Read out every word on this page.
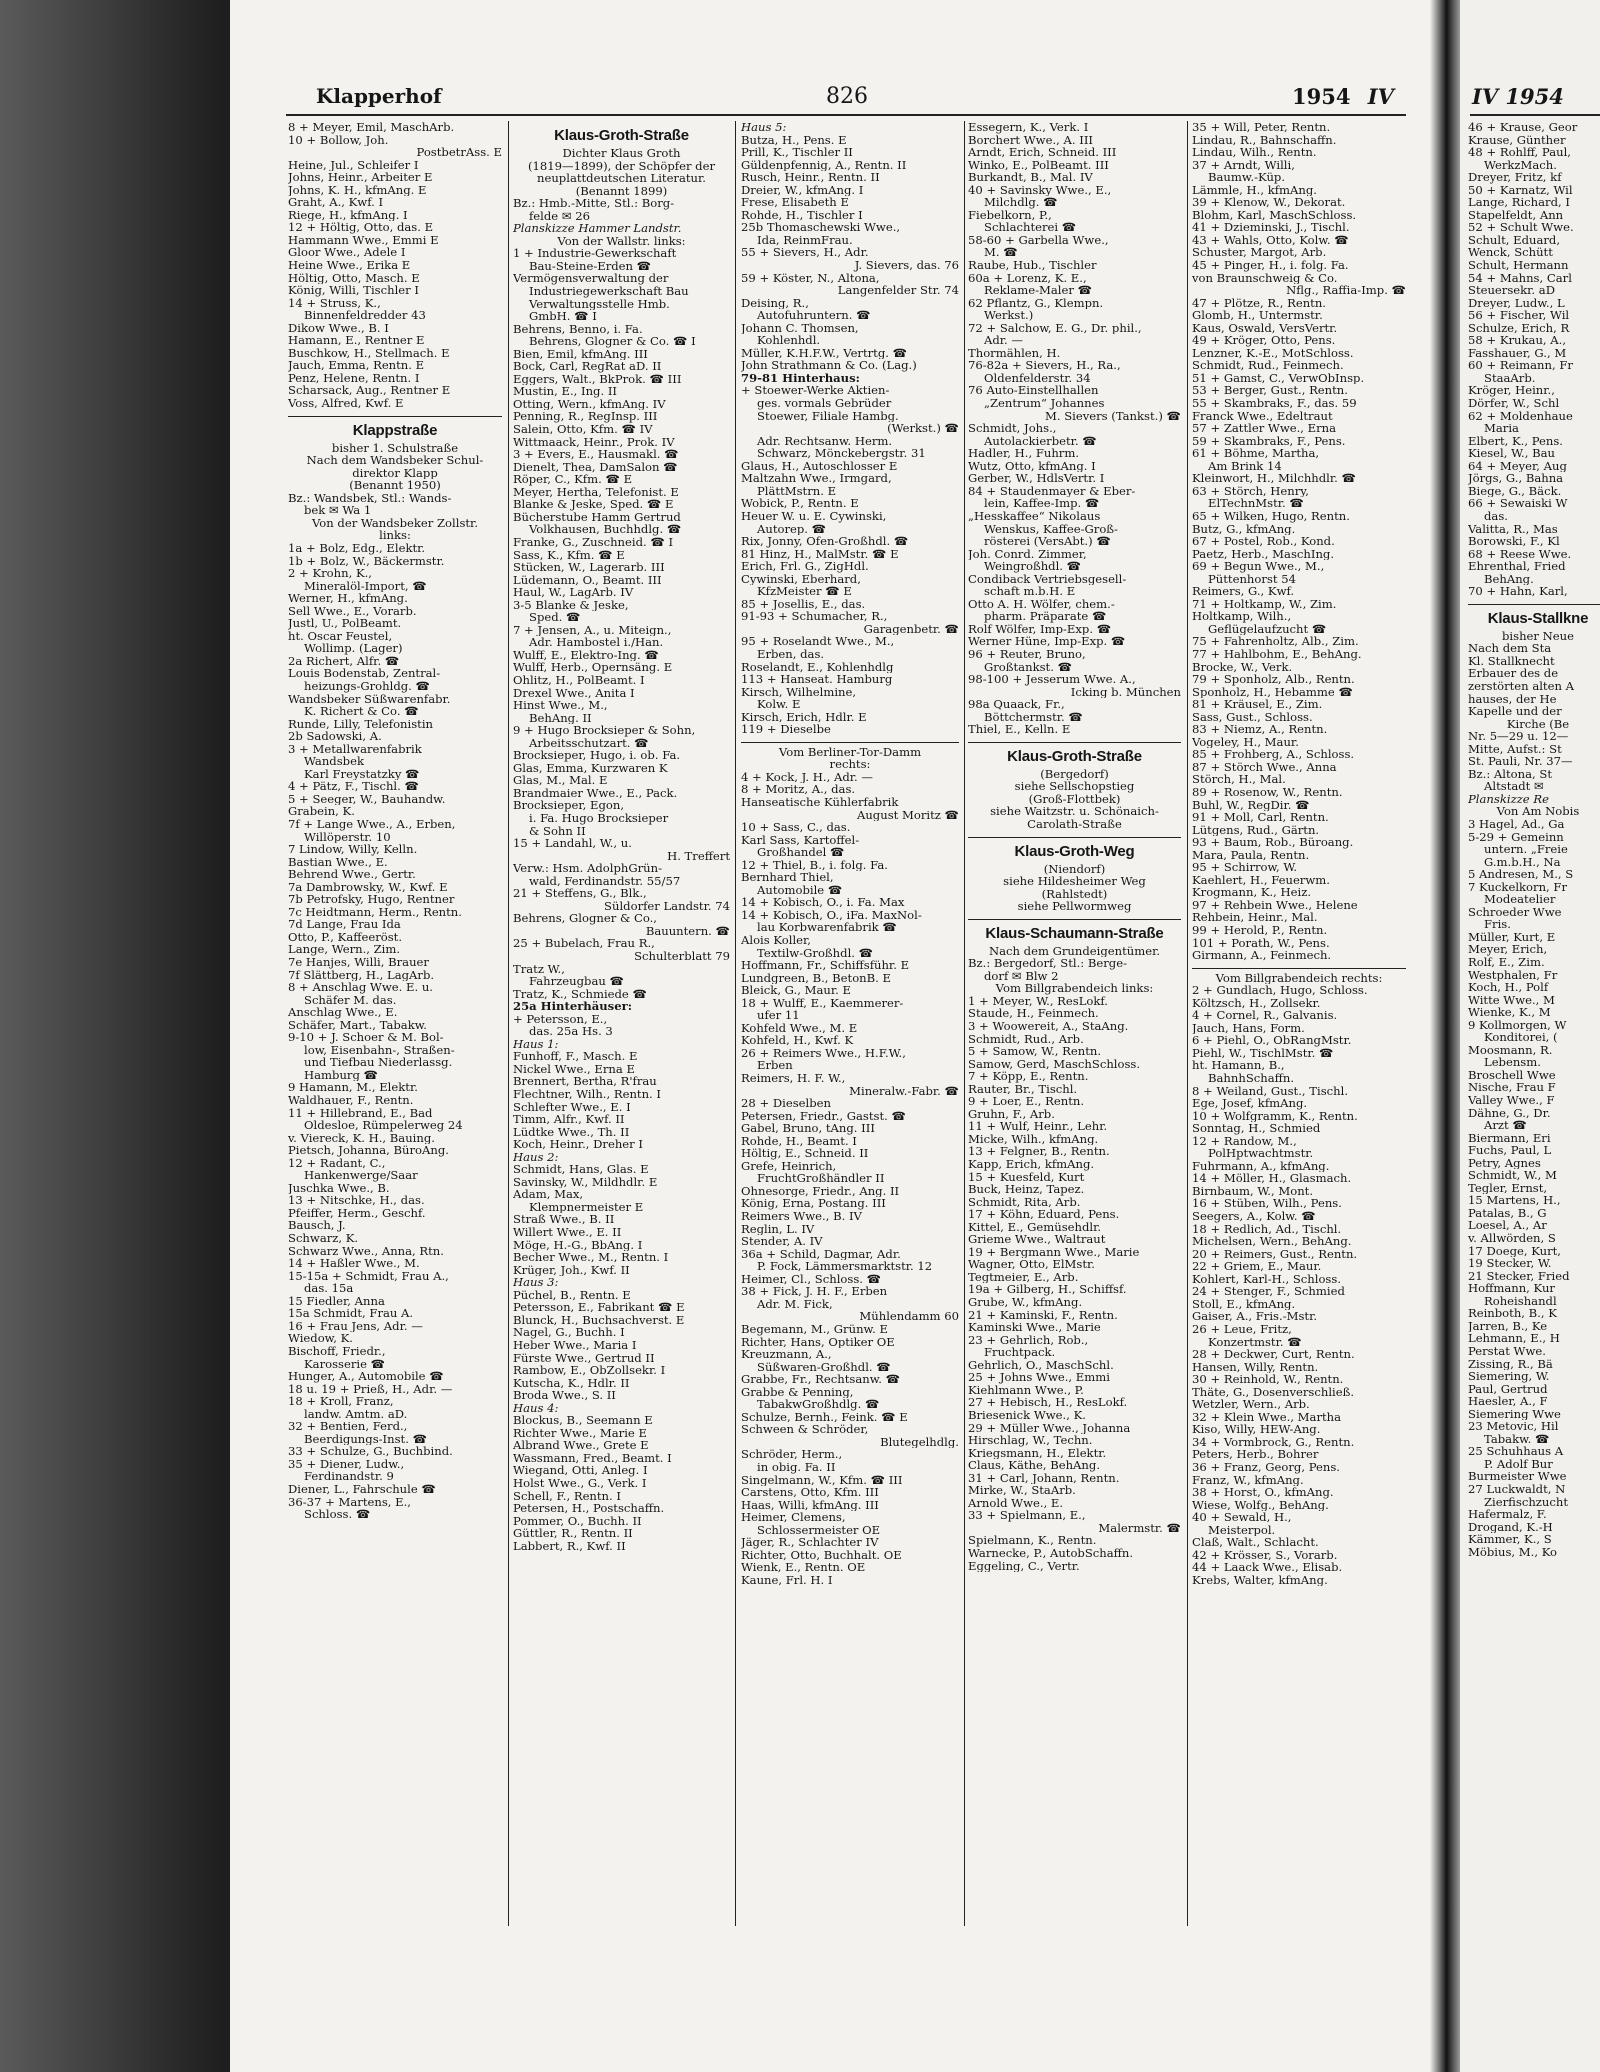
Klapperhof	826	1954 IV	IV 1954
8 + Meyer, Emil, MaschArb.
10 + Bollow, Joh.
PostbetrAss. E
Heine, Jul., Schleifer I
Johns, Heinr., Arbeiter E
Johns, K. H., kfmAng. E
Graht, A., Kwf. I
Riege, H., kfmAng. I
12 + Höltig, Otto, das. E
Hammann Wwe., Emmi E
Gloor Wwe., Adele I
Heine Wwe., Erika E
Höltig, Otto, Masch. E
König, Willi, Tischler I
14 + Struss, K.,
Binnenfeldredder 43
Dikow Wwe., B. I
Hamann, E., Rentner E
Buschkow, H., Stellmach. E
Jauch, Emma, Rentn. E
Penz, Helene, Rentn. I
Scharsack, Aug., Rentner E
Voss, Alfred, Kwf. E
Klappstraße
bisher 1. Schulstraße
Nach dem Wandsbeker Schul-
direktor Klapp
(Benannt 1950)
Bz.: Wandsbek, Stl.: Wands-
bek ✉ Wa 1
Von der Wandsbeker Zollstr.
links:
1a + Bolz, Edg., Elektr.
1b + Bolz, W., Bäckermstr.
2 + Krohn, K.,
Mineralöl-Import, ☎
Werner, H., kfmAng.
Sell Wwe., E., Vorarb.
Justl, U., PolBeamt.
ht. Oscar Feustel,
Wollimp. (Lager)
2a Richert, Alfr. ☎
Louis Bodenstab, Zentral-
heizungs-Grohldg. ☎
Wandsbeker Süßwarenfabr.
K. Richert & Co. ☎
Runde, Lilly, Telefonistin
2b Sadowski, A.
3 + Metallwarenfabrik
Wandsbek
Karl Freystatzky ☎
4 + Pätz, F., Tischl. ☎
5 + Seeger, W., Bauhandw.
Grabein, K.
7f + Lange Wwe., A., Erben,
Willöperstr. 10
7 Lindow, Willy, Kelln.
Bastian Wwe., E.
Behrend Wwe., Gertr.
7a Dambrowsky, W., Kwf. E
7b Petrofsky, Hugo, Rentner
7c Heidtmann, Herm., Rentn.
7d Lange, Frau Ida
Otto, P., Kaffeeröst.
Lange, Wern., Zim.
7e Hanjes, Willi, Brauer
7f Slättberg, H., LagArb.
8 + Anschlag Wwe. E. u.
Schäfer M. das.
Anschlag Wwe., E.
Schäfer, Mart., Tabakw.
9-10 + J. Schoer & M. Bol-
low, Eisenbahn-, Straßen-
und Tiefbau Niederlassg.
Hamburg ☎
9 Hamann, M., Elektr.
Waldhauer, F., Rentn.
11 + Hillebrand, E., Bad
Oldesloe, Rümpelerweg 24
v. Viereck, K. H., Bauing.
Pietsch, Johanna, BüroAng.
12 + Radant, C.,
Hankenwerge/Saar
Juschka Wwe., B.
13 + Nitschke, H., das.
Pfeiffer, Herm., Geschf.
Bausch, J.
Schwarz, K.
Schwarz Wwe., Anna, Rtn.
14 + Haßler Wwe., M.
15-15a + Schmidt, Frau A.,
das. 15a
15 Fiedler, Anna
15a Schmidt, Frau A.
16 + Frau Jens, Adr. —
Wiedow, K.
Bischoff, Friedr.,
Karosserie ☎
Hunger, A., Automobile ☎
18 u. 19 + Prieß, H., Adr. —
18 + Kroll, Franz,
landw. Amtm. aD.
32 + Bentien, Ferd.,
Beerdigungs-Inst. ☎
33 + Schulze, G., Buchbind.
35 + Diener, Ludw.,
Ferdinandstr. 9
Diener, L., Fahrschule ☎
36-37 + Martens, E.,
Schloss. ☎
Klaus-Groth-Straße
Dichter Klaus Groth
(1819—1899), der Schöpfer der
neuplattdeutschen Literatur.
(Benannt 1899)
Bz.: Hmb.-Mitte, Stl.: Borg-
felde ✉ 26
Planskizze Hammer Landstr.
Von der Wallstr. links:
1 + Industrie-Gewerkschaft
Bau-Steine-Erden ☎
Vermögensverwaltung der
Industriegewerkschaft Bau
Verwaltungsstelle Hmb.
GmbH. ☎ I
Behrens, Benno, i. Fa.
Behrens, Glogner & Co. ☎ I
Bien, Emil, kfmAng. III
Bock, Carl, RegRat aD. II
Eggers, Walt., BkProk. ☎ III
Mustin, E., Ing. II
Otting, Wern., kfmAng. IV
Penning, R., RegInsp. III
Salein, Otto, Kfm. ☎ IV
Wittmaack, Heinr., Prok. IV
3 + Evers, E., Hausmakl. ☎
Dienelt, Thea, DamSalon ☎
Röper, C., Kfm. ☎ E
Meyer, Hertha, Telefonist. E
Blanke & Jeske, Sped. ☎ E
Bücherstube Hamm Gertrud
Volkhausen, Buchhdlg. ☎
Franke, G., Zuschneid. ☎ I
Sass, K., Kfm. ☎ E
Stücken, W., Lagerarb. III
Lüdemann, O., Beamt. III
Haul, W., LagArb. IV
3-5 Blanke & Jeske,
Sped. ☎
7 + Jensen, A., u. Miteign.,
Adr. Hambostel i./Han.
Wulff, E., Elektro-Ing. ☎
Wulff, Herb., Opernsäng. E
Ohlitz, H., PolBeamt. I
Drexel Wwe., Anita I
Hinst Wwe., M.,
BehAng. II
9 + Hugo Brocksieper & Sohn,
Arbeitsschutzart. ☎
Brocksieper, Hugo, i. ob. Fa.
Glas, Emma, Kurzwaren K
Glas, M., Mal. E
Brandmaier Wwe., E., Pack.
Brocksieper, Egon,
i. Fa. Hugo Brocksieper
& Sohn II
15 + Landahl, W., u.
H. Treffert
Verw.: Hsm. AdolphGrün-
wald, Ferdinandstr. 55/57
21 + Steffens, G., Blk.,
Süldorfer Landstr. 74
Behrens, Glogner & Co.,
Bauuntern. ☎
25 + Bubelach, Frau R.,
Schulterblatt 79
Tratz W.,
Fahrzeugbau ☎
Tratz, K., Schmiede ☎
25a Hinterhäuser:
+ Petersson, E.,
das. 25a Hs. 3
Haus 1:
Funhoff, F., Masch. E
Nickel Wwe., Erna E
Brennert, Bertha, R'frau
Flechtner, Wilh., Rentn. I
Schlefter Wwe., E. I
Timm, Alfr., Kwf. II
Lüdtke Wwe., Th. II
Koch, Heinr., Dreher I
Haus 2:
Schmidt, Hans, Glas. E
Savinsky, W., Mildhdlr. E
Adam, Max,
Klempnermeister E
Straß Wwe., B. II
Willert Wwe., E. II
Möge, H.-G., BbAng. I
Becher Wwe., M., Rentn. I
Krüger, Joh., Kwf. II
Haus 3:
Püchel, B., Rentn. E
Petersson, E., Fabrikant ☎ E
Blunck, H., Buchsachverst. E
Nagel, G., Buchh. I
Heber Wwe., Maria I
Fürste Wwe., Gertrud II
Rambow, E., ObZollsekr. I
Kutscha, K., Hdlr. II
Broda Wwe., S. II
Haus 4:
Blockus, B., Seemann E
Richter Wwe., Marie E
Albrand Wwe., Grete E
Wassmann, Fred., Beamt. I
Wiegand, Otti, Anleg. I
Holst Wwe., G., Verk. I
Schell, F., Rentn. I
Petersen, H., Postschaffn.
Pommer, O., Buchh. II
Güttler, R., Rentn. II
Labbert, R., Kwf. II
Haus 5:
Butza, H., Pens. E
Prill, K., Tischler II
Güldenpfennig, A., Rentn. II
Rusch, Heinr., Rentn. II
Dreier, W., kfmAng. I
Frese, Elisabeth E
Rohde, H., Tischler I
25b Thomaschewski Wwe.,
Ida, ReinmFrau.
55 + Sievers, H., Adr.
J. Sievers, das. 76
59 + Köster, N., Altona,
Langenfelder Str. 74
Deising, R.,
Autofuhruntern. ☎
Johann C. Thomsen,
Kohlenhdl.
Müller, K.H.F.W., Vertrtg. ☎
John Strathmann & Co. (Lag.)
79-81 Hinterhaus:
+ Stoewer-Werke Aktien-
ges. vormals Gebrüder
Stoewer, Filiale Hambg.
(Werkst.) ☎
Adr. Rechtsanw. Herm.
Schwarz, Mönckebergstr. 31
Glaus, H., Autoschlosser E
Maltzahn Wwe., Irmgard,
PlättMstrn. E
Wobick, P., Rentn. E
Heuer W. u. E. Cywinski,
Autorep. ☎
Rix, Jonny, Ofen-Großhdl. ☎
81 Hinz, H., MalMstr. ☎ E
Erich, Frl. G., ZigHdl.
Cywinski, Eberhard,
KfzMeister ☎ E
85 + Josellis, E., das.
91-93 + Schumacher, R.,
Garagenbetr. ☎
95 + Roselandt Wwe., M.,
Erben, das.
Roselandt, E., Kohlenhdlg
113 + Hanseat. Hamburg
Kirsch, Wilhelmine,
Kolw. E
Kirsch, Erich, Hdlr. E
119 + Dieselbe
Vom Berliner-Tor-Damm
rechts:
4 + Kock, J. H., Adr. —
8 + Moritz, A., das.
Hanseatische Kühlerfabrik
August Moritz ☎
10 + Sass, C., das.
Karl Sass, Kartoffel-
Großhandel ☎
12 + Thiel, B., i. folg. Fa.
Bernhard Thiel,
Automobile ☎
14 + Kobisch, O., i. Fa. Max
14 + Kobisch, O., iFa. MaxNol-
lau Korbwarenfabrik ☎
Alois Koller,
Textilw-Großhdl. ☎
Hoffmann, Fr., Schiffsführ. E
Lundgreen, B., BetonB. E
Bleick, G., Maur. E
18 + Wulff, E., Kaemmerer-
ufer 11
Kohfeld Wwe., M. E
Kohfeld, H., Kwf. K
26 + Reimers Wwe., H.F.W.,
Erben
Reimers, H. F. W.,
Mineralw.-Fabr. ☎
28 + Dieselben
Petersen, Friedr., Gastst. ☎
Gabel, Bruno, tAng. III
Rohde, H., Beamt. I
Höltig, E., Schneid. II
Grefe, Heinrich,
FruchtGroßhändler II
Ohnesorge, Friedr., Ang. II
König, Erna, Postang. III
Reimers Wwe., B. IV
Reglin, L. IV
Stender, A. IV
36a + Schild, Dagmar, Adr.
P. Fock, Lämmersmarktstr. 12
Heimer, Cl., Schloss. ☎
38 + Fick, J. H. F., Erben
Adr. M. Fick,
Mühlendamm 60
Begemann, M., Grünw. E
Richter, Hans, Optiker OE
Kreuzmann, A.,
Süßwaren-Großhdl. ☎
Grabbe, Fr., Rechtsanw. ☎
Grabbe & Penning,
TabakwGroßhdlg. ☎
Schulze, Bernh., Feink. ☎ E
Schween & Schröder,
Blutegelhdlg.
Schröder, Herm.,
in obig. Fa. II
Singelmann, W., Kfm. ☎ III
Carstens, Otto, Kfm. III
Haas, Willi, kfmAng. III
Heimer, Clemens,
Schlossermeister OE
Jäger, R., Schlachter IV
Richter, Otto, Buchhalt. OE
Wienk, E., Rentn. OE
Kaune, Frl. H. I
Essegern, K., Verk. I
Borchert Wwe., A. III
Arndt, Erich, Schneid. III
Winko, E., PolBeamt. III
Burkandt, B., Mal. IV
40 + Savinsky Wwe., E.,
Milchdlg. ☎
Fiebelkorn, P.,
Schlachterei ☎
58-60 + Garbella Wwe.,
M. ☎
Raube, Hub., Tischler
60a + Lorenz, K. E.,
Reklame-Maler ☎
62 Pflantz, G., Klempn.
Werkst.)
72 + Salchow, E. G., Dr. phil.,
Adr. —
Thormählen, H.
76-82a + Sievers, H., Ra.,
Oldenfelderstr. 34
76 Auto-Einstellhallen
„Zentrum“ Johannes
M. Sievers (Tankst.) ☎
Schmidt, Johs.,
Autolackierbetr. ☎
Hadler, H., Fuhrm.
Wutz, Otto, kfmAng. I
Gerber, W., HdlsVertr. I
84 + Staudenmayer & Eber-
lein, Kaffee-Imp. ☎
„Hesskaffee“ Nikolaus
Wenskus, Kaffee-Groß-
rösterei (VersAbt.) ☎
Joh. Conrd. Zimmer,
Weingroßhdl. ☎
Condiback Vertriebsgesell-
schaft m.b.H. E
Otto A. H. Wölfer, chem.-
pharm. Präparate ☎
Rolf Wölfer, Imp-Exp. ☎
Werner Hüne, Imp-Exp. ☎
96 + Reuter, Bruno,
Großtankst. ☎
98-100 + Jesserum Wwe. A.,
Icking b. München
98a Quaack, Fr.,
Böttchermstr. ☎
Thiel, E., Kelln. E
Klaus-Groth-Straße
(Bergedorf)
siehe Sellschopstieg
(Groß-Flottbek)
siehe Waitzstr. u. Schönaich-
Carolath-Straße
Klaus-Groth-Weg
(Niendorf)
siehe Hildesheimer Weg
(Rahlstedt)
siehe Pellwormweg
Klaus-Schaumann-Straße
Nach dem Grundeigentümer.
Bz.: Bergedorf, Stl.: Berge-
dorf ✉ Blw 2
Vom Billgrabendeich links:
1 + Meyer, W., ResLokf.
Staude, H., Feinmech.
3 + Woowereit, A., StaAng.
Schmidt, Rud., Arb.
5 + Samow, W., Rentn.
Samow, Gerd, MaschSchloss.
7 + Köpp, E., Rentn.
Rauter, Br., Tischl.
9 + Loer, E., Rentn.
Gruhn, F., Arb.
11 + Wulf, Heinr., Lehr.
Micke, Wilh., kfmAng.
13 + Felgner, B., Rentn.
Kapp, Erich, kfmAng.
15 + Kuesfeld, Kurt
Buck, Heinz, Tapez.
Schmidt, Rita, Arb.
17 + Köhn, Eduard, Pens.
Kittel, E., Gemüsehdlr.
Grieme Wwe., Waltraut
19 + Bergmann Wwe., Marie
Wagner, Otto, ElMstr.
Tegtmeier, E., Arb.
19a + Gilberg, H., Schiffsf.
Grube, W., kfmAng.
21 + Kaminski, F., Rentn.
Kaminski Wwe., Marie
23 + Gehrlich, Rob.,
Fruchtpack.
Gehrlich, O., MaschSchl.
25 + Johns Wwe., Emmi
Kiehlmann Wwe., P.
27 + Hebisch, H., ResLokf.
Briesenick Wwe., K.
29 + Müller Wwe., Johanna
Hirschlag, W., Techn.
Kriegsmann, H., Elektr.
Claus, Käthe, BehAng.
31 + Carl, Johann, Rentn.
Mirke, W., StaArb.
Arnold Wwe., E.
33 + Spielmann, E.,
Malermstr. ☎
Spielmann, K., Rentn.
Warnecke, P., AutobSchaffn.
Eggeling, C., Vertr.
35 + Will, Peter, Rentn.
Lindau, R., Bahnschaffn.
Lindau, Wilh., Rentn.
37 + Arndt, Willi,
Baumw.-Küp.
Lämmle, H., kfmAng.
39 + Klenow, W., Dekorat.
Blohm, Karl, MaschSchloss.
41 + Dzieminski, J., Tischl.
43 + Wahls, Otto, Kolw. ☎
Schuster, Margot, Arb.
45 + Pinger, H., i. folg. Fa.
von Braunschweig & Co.
Nflg., Raffia-Imp. ☎
47 + Plötze, R., Rentn.
Glomb, H., Untermstr.
Kaus, Oswald, VersVertr.
49 + Kröger, Otto, Pens.
Lenzner, K.-E., MotSchloss.
Schmidt, Rud., Feinmech.
51 + Gamst, C., VerwObInsp.
53 + Berger, Gust., Rentn.
55 + Skambraks, F., das. 59
Franck Wwe., Edeltraut
57 + Zattler Wwe., Erna
59 + Skambraks, F., Pens.
61 + Böhme, Martha,
Am Brink 14
Kleinwort, H., Milchhdlr. ☎
63 + Störch, Henry,
ElTechnMstr. ☎
65 + Wilken, Hugo, Rentn.
Butz, G., kfmAng.
67 + Postel, Rob., Kond.
Paetz, Herb., MaschIng.
69 + Begun Wwe., M.,
Püttenhorst 54
Reimers, G., Kwf.
71 + Holtkamp, W., Zim.
Holtkamp, Wilh.,
Geflügelaufzucht ☎
75 + Fahrenholtz, Alb., Zim.
77 + Hahlbohm, E., BehAng.
Brocke, W., Verk.
79 + Sponholz, Alb., Rentn.
Sponholz, H., Hebamme ☎
81 + Kräusel, E., Zim.
Sass, Gust., Schloss.
83 + Niemz, A., Rentn.
Vogeley, H., Maur.
85 + Frohberg, A., Schloss.
87 + Störch Wwe., Anna
Störch, H., Mal.
89 + Rosenow, W., Rentn.
Buhl, W., RegDir. ☎
91 + Moll, Carl, Rentn.
Lütgens, Rud., Gärtn.
93 + Baum, Rob., Büroang.
Mara, Paula, Rentn.
95 + Schirrow, W.
Kaehlert, H., Feuerwm.
Krogmann, K., Heiz.
97 + Rehbein Wwe., Helene
Rehbein, Heinr., Mal.
99 + Herold, P., Rentn.
101 + Porath, W., Pens.
Girmann, A., Feinmech.
Vom Billgrabendeich rechts:
2 + Gundlach, Hugo, Schloss.
Költzsch, H., Zollsekr.
4 + Cornel, R., Galvanis.
Jauch, Hans, Form.
6 + Piehl, O., ObRangMstr.
Piehl, W., TischlMstr. ☎
ht. Hamann, B.,
BahnhSchaffn.
8 + Weiland, Gust., Tischl.
Ege, Josef, kfmAng.
10 + Wolfgramm, K., Rentn.
Sonntag, H., Schmied
12 + Randow, M.,
PolHptwachtmstr.
Fuhrmann, A., kfmAng.
14 + Möller, H., Glasmach.
Birnbaum, W., Mont.
16 + Stüben, Wilh., Pens.
Seegers, A., Kolw. ☎
18 + Redlich, Ad., Tischl.
Michelsen, Wern., BehAng.
20 + Reimers, Gust., Rentn.
22 + Griem, E., Maur.
Kohlert, Karl-H., Schloss.
24 + Stenger, F., Schmied
Stoll, E., kfmAng.
Gaiser, A., Fris.-Mstr.
26 + Leue, Fritz,
Konzertmstr. ☎
28 + Deckwer, Curt, Rentn.
Hansen, Willy, Rentn.
30 + Reinhold, W., Rentn.
Thäte, G., Dosenverschließ.
Wetzler, Wern., Arb.
32 + Klein Wwe., Martha
Kiso, Willy, HEW-Ang.
34 + Vormbrock, G., Rentn.
Peters, Herb., Bohrer
36 + Franz, Georg, Pens.
Franz, W., kfmAng.
38 + Horst, O., kfmAng.
Wiese, Wolfg., BehAng.
40 + Sewald, H.,
Meisterpol.
Claß, Walt., Schlacht.
42 + Krösser, S., Vorarb.
44 + Laack Wwe., Elisab.
Krebs, Walter, kfmAng.
46 + Krause, Geor
Krause, Günther
48 + Rohlff, Paul,
WerkzMach.
Dreyer, Fritz, kf
50 + Karnatz, Wil
Lange, Richard, I
Stapelfeldt, Ann
52 + Schult Wwe.
Schult, Eduard,
Wenck, Schütt
Schult, Hermann
54 + Mahns, Carl
Steuersekr. aD
Dreyer, Ludw., L
56 + Fischer, Wil
Schulze, Erich, R
58 + Krukau, A.,
Fasshauer, G., M
60 + Reimann, Fr
StaaArb.
Kröger, Heinr.,
Dörfer, W., Schl
62 + Moldenhaue
Maria
Elbert, K., Pens.
Kiesel, W., Bau
64 + Meyer, Aug
Jörgs, G., Bahna
Biege, G., Bäck.
66 + Sewaiski W
das.
Valitta, R., Mas
Borowski, F., Kl
68 + Reese Wwe.
Ehrenthal, Fried
BehAng.
70 + Hahn, Karl,
Klaus-Stallkne
bisher Neue
Nach dem Sta
Kl. Stallknecht
Erbauer des de
zerstörten alten A
hauses, der He
Kapelle und der
Kirche (Be
Nr. 5—29 u. 12—
Mitte, Aufst.: St
St. Pauli, Nr. 37—
Bz.: Altona, St
Altstadt ✉
Planskizze Re
Von Am Nobis
3 Hagel, Ad., Ga
5-29 + Gemeinn
untern. „Freie
G.m.b.H., Na
5 Andresen, M., S
7 Kuckelkorn, Fr
Modeatelier
Schroeder Wwe
Fris.
Müller, Kurt, E
Meyer, Erich,
Rolf, E., Zim.
Westphalen, Fr
Koch, H., Polf
Witte Wwe., M
Wienke, K., M
9 Kollmorgen, W
Konditorei, (
Moosmann, R.
Lebensm.
Broschell Wwe
Nische, Frau F
Valley Wwe., F
Dähne, G., Dr.
Arzt ☎
Biermann, Eri
Fuchs, Paul, L
Petry, Agnes
Schmidt, W., M
Tegler, Ernst,
15 Martens, H.,
Patalas, B., G
Loesel, A., Ar
v. Allwörden, S
17 Doege, Kurt,
19 Stecker, W.
21 Stecker, Fried
Hoffmann, Kur
Roheishandl
Reinboth, B., K
Jarren, B., Ke
Lehmann, E., H
Perstat Wwe.
Zissing, R., Bä
Siemering, W.
Paul, Gertrud
Haesler, A., F
Siemering Wwe
23 Metovic, Hil
Tabakw. ☎
25 Schuhhaus A
P. Adolf Bur
Burmeister Wwe
27 Luckwaldt, N
Zierfischzucht
Hafermalz, F.
Drogand, K.-H
Kämmer, K., S
Möbius, M., Ko
